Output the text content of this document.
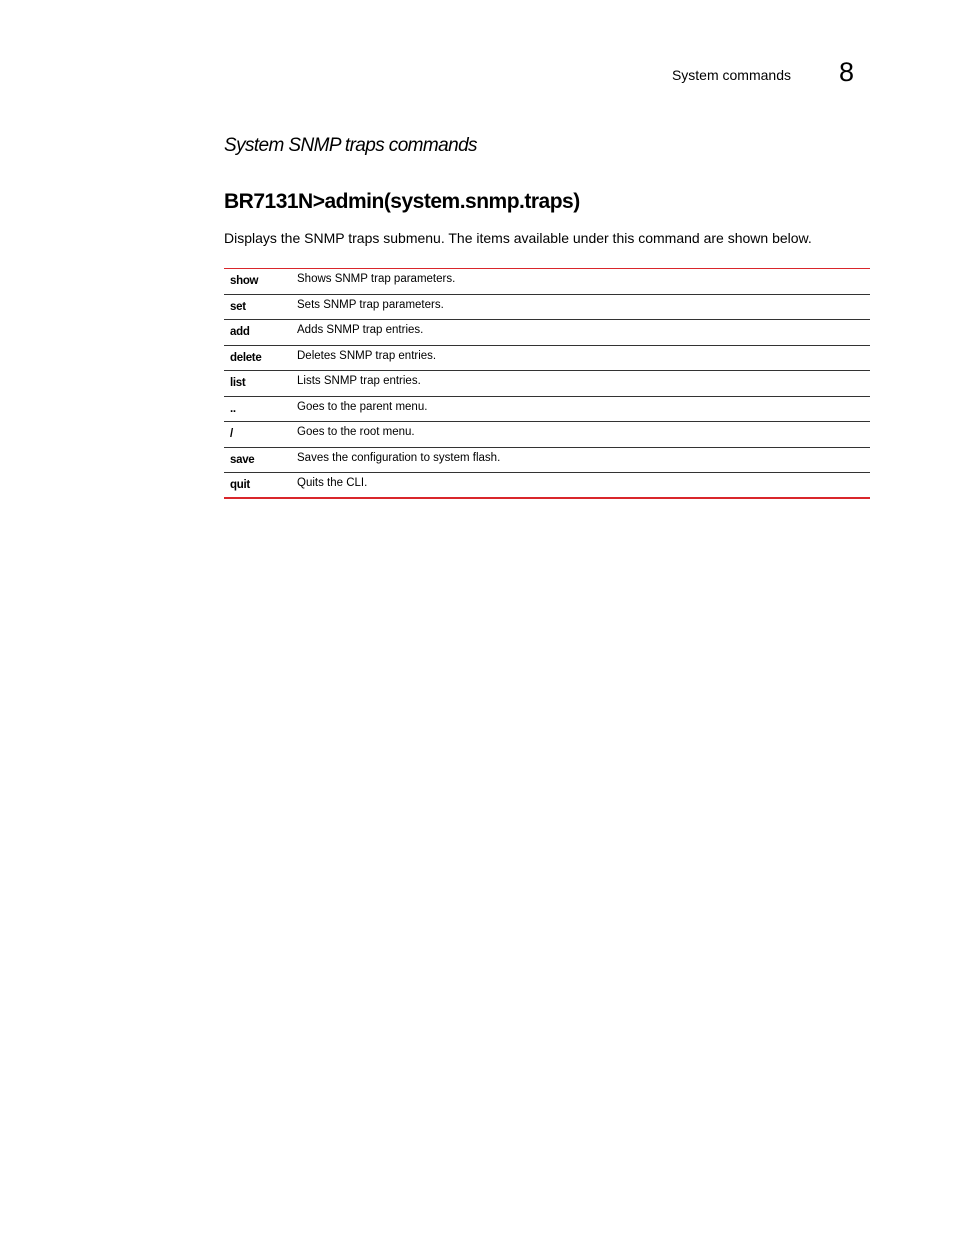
System commands 8
System SNMP traps commands
BR7131N>admin(system.snmp.traps)

Displays the SNMP traps submenu. The items available under this command are shown below.

show	Shows SNMP trap parameters.
set	Sets SNMP trap parameters.
add	Adds SNMP trap entries.
delete	Deletes SNMP trap entries.
list	Lists SNMP trap entries.
..	Goes to the parent menu.
/	Goes to the root menu.
save	Saves the configuration to system flash.
quit	Quits the CLI.
